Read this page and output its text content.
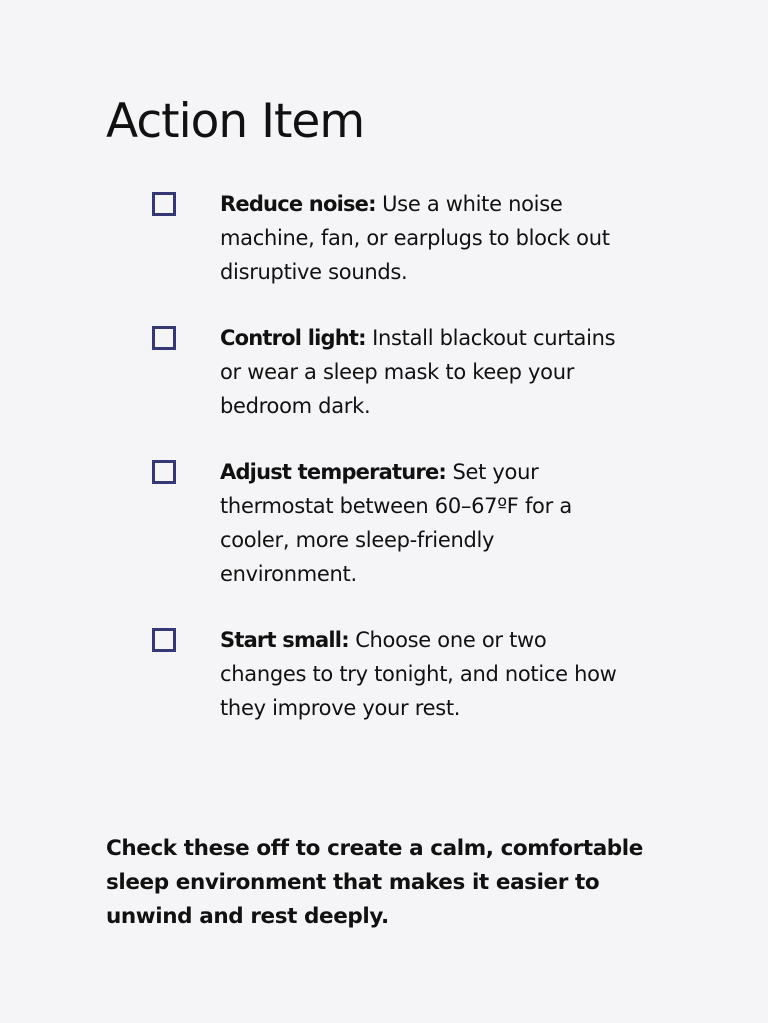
Action Item
Reduce noise: Use a white noise machine, fan, or earplugs to block out disruptive sounds.
Control light: Install blackout curtains or wear a sleep mask to keep your bedroom dark.
Adjust temperature: Set your thermostat between 60–67ºF for a cooler, more sleep-friendly environment.
Start small: Choose one or two changes to try tonight, and notice how they improve your rest.

Check these off to create a calm, comfortable sleep environment that makes it easier to unwind and rest deeply.
